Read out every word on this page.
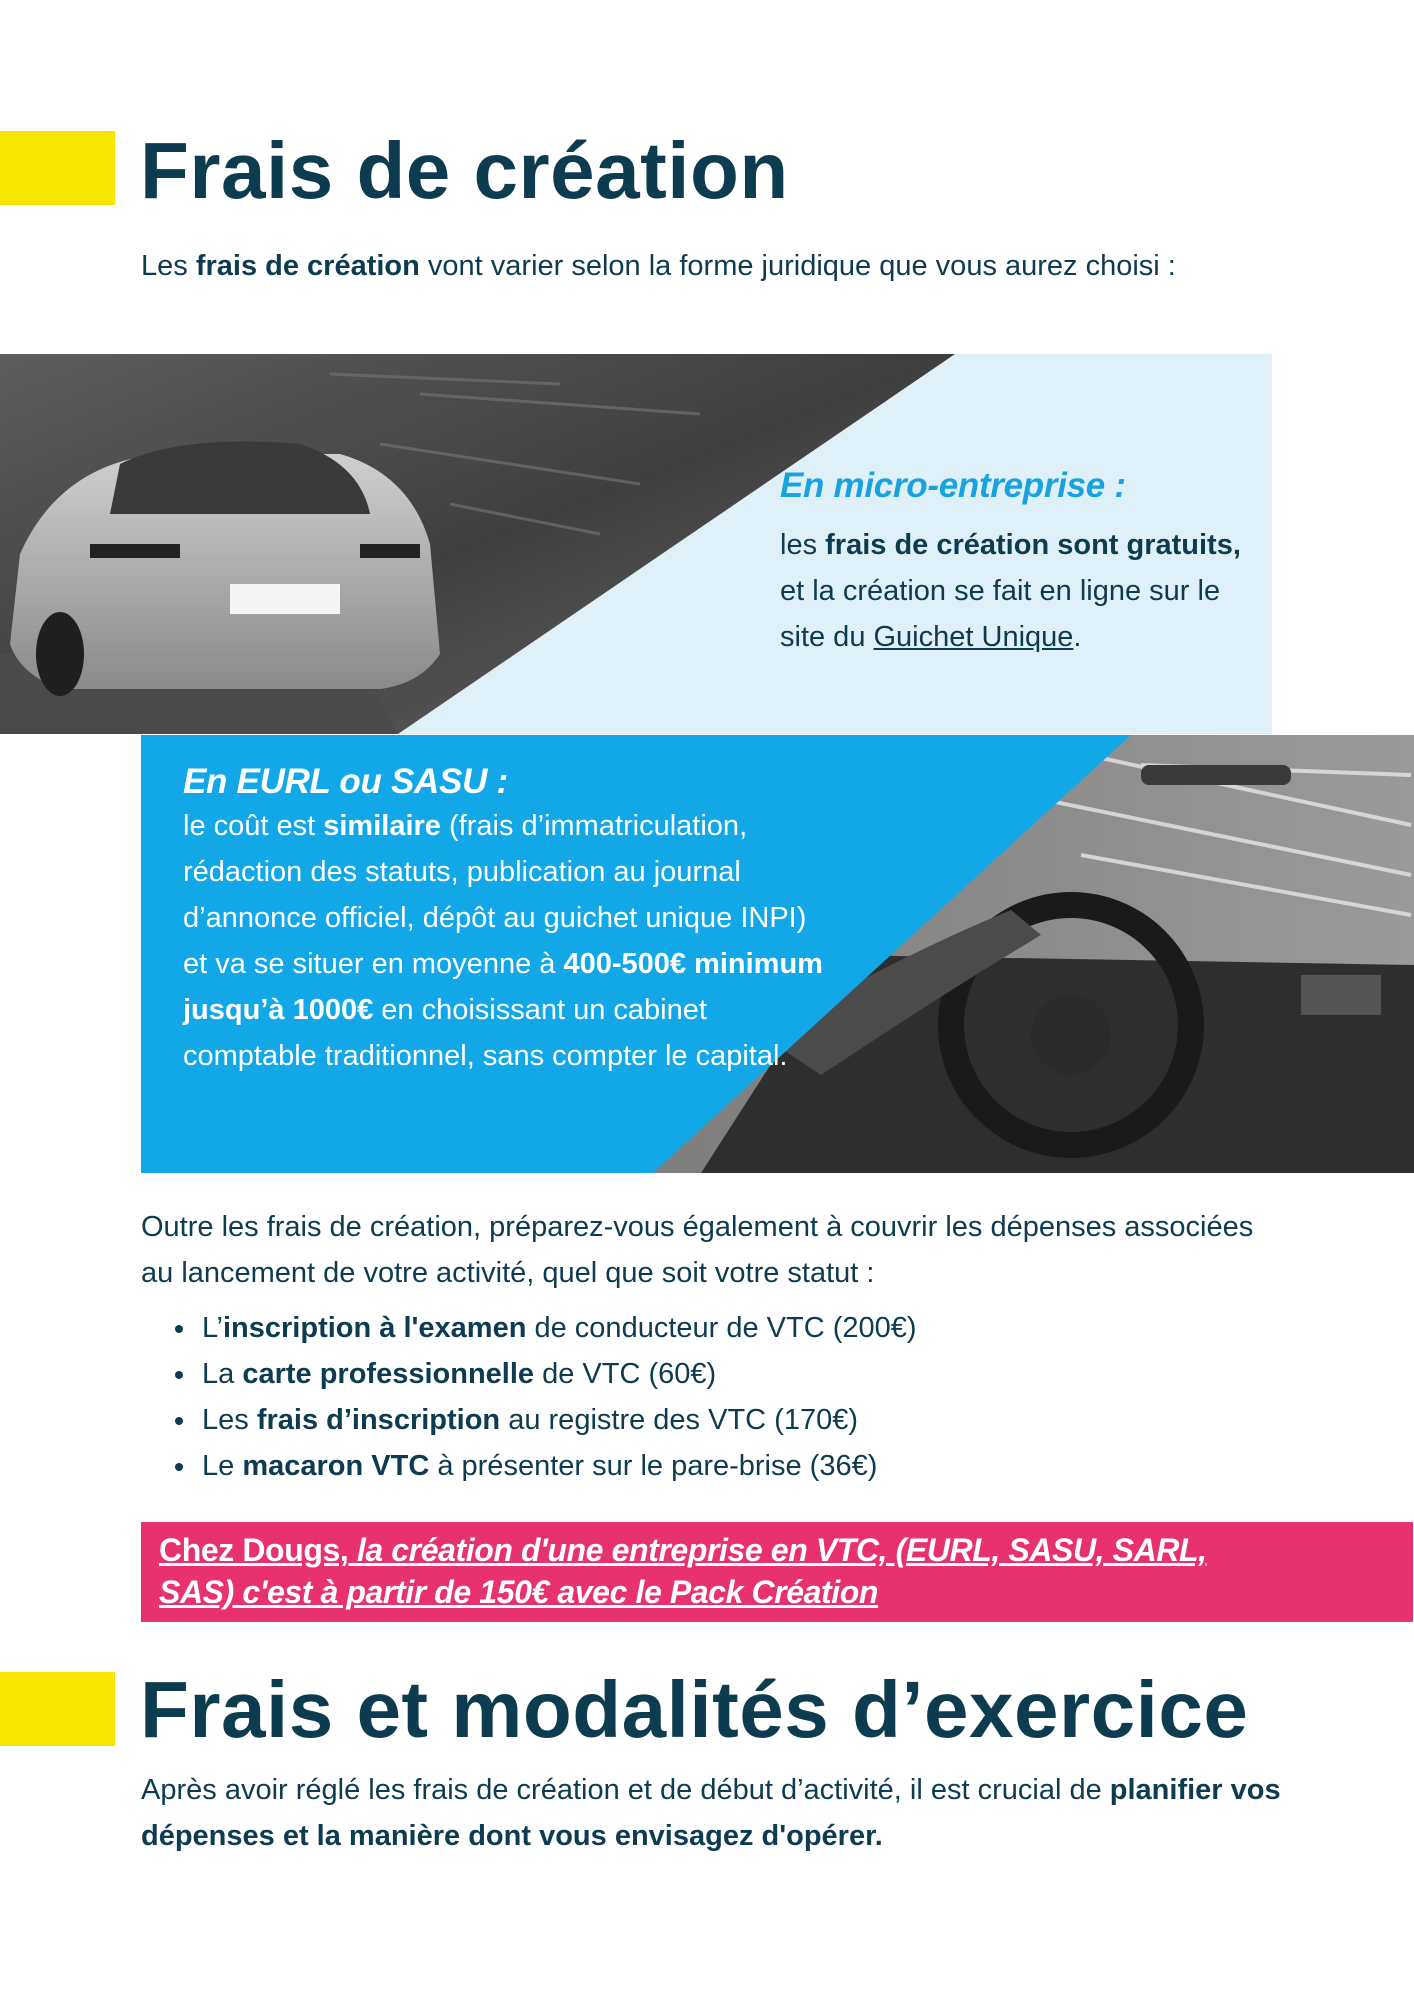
Frais de création

Les frais de création vont varier selon la forme juridique que vous aurez choisi :

En micro-entreprise :

les frais de création sont gratuits, et la création se fait en ligne sur le site du Guichet Unique.

En EURL ou SASU :

le coût est similaire (frais d’immatriculation, rédaction des statuts, publication au journal d’annonce officiel, dépôt au guichet unique INPI) et va se situer en moyenne à 400-500€ minimum jusqu’à 1000€ en choisissant un cabinet comptable traditionnel, sans compter le capital.

Outre les frais de création, préparez-vous également à couvrir les dépenses associées au lancement de votre activité, quel que soit votre statut :

• L’inscription à l'examen de conducteur de VTC (200€)
• La carte professionnelle de VTC (60€)
• Les frais d’inscription au registre des VTC (170€)
• Le macaron VTC à présenter sur le pare-brise (36€)

Chez Dougs, la création d'une entreprise en VTC, (EURL, SASU, SARL, SAS) c'est à partir de 150€ avec le Pack Création

Frais et modalités d’exercice

Après avoir réglé les frais de création et de début d’activité, il est crucial de planifier vos dépenses et la manière dont vous envisagez d'opérer.
